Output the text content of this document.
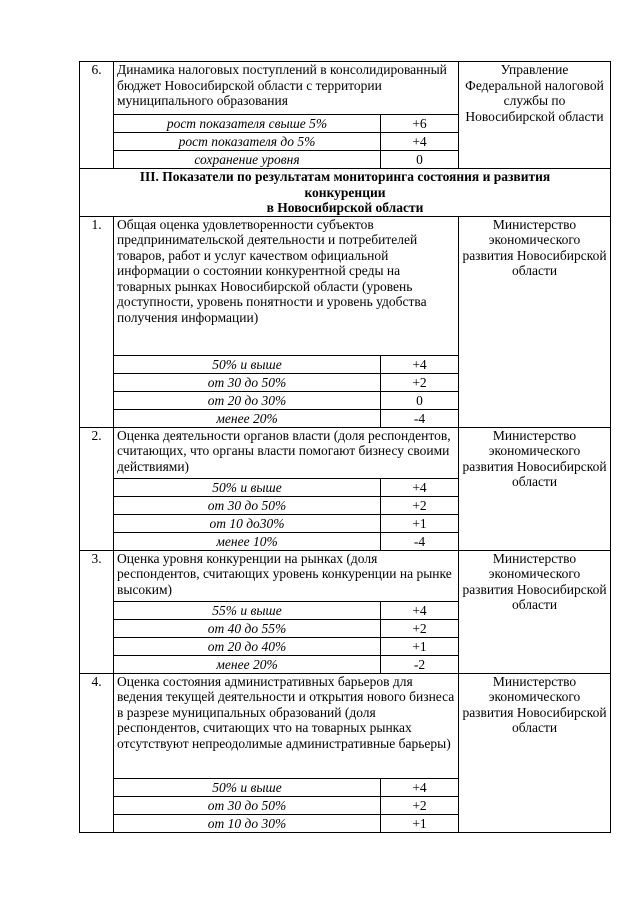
6.	Динамика налоговых поступлений в консолидированный бюджет Новосибирской области с территории муниципального образования		Управление Федеральной налоговой службы по Новосибирской области
	рост показателя свыше 5%	+6	
	рост показателя до 5%	+4	
	сохранение уровня	0	

III. Показатели по результатам мониторинга состояния и развития
конкуренции
в Новосибирской области			

1.	Общая оценка удовлетворенности субъектов предпринимательской деятельности и потребителей товаров, работ и услуг качеством официальной информации о состоянии конкурентной среды на товарных рынках Новосибирской области (уровень доступности, уровень понятности и уровень удобства получения информации)		Министерство экономического развития Новосибирской области
	50% и выше	+4	
	от 30 до 50%	+2	
	от 20 до 30%	0	
	менее 20%	-4	
2.	Оценка деятельности органов власти (доля респондентов, считающих, что органы власти помогают бизнесу своими действиями)		Министерство экономического развития Новосибирской области
	50% и выше	+4	
	от 30 до 50%	+2	
	от 10 до30%	+1	
	менее 10%	-4	
3.	Оценка уровня конкуренции на рынках (доля респондентов, считающих уровень конкуренции на рынке высоким)		Министерство экономического развития Новосибирской области
	55% и выше	+4	
	от 40 до 55%	+2	
	от 20 до 40%	+1	
	менее 20%	-2	
4.	Оценка состояния административных барьеров для ведения текущей деятельности и открытия нового бизнеса в разрезе муниципальных образований (доля респондентов, считающих что на товарных рынках отсутствуют непреодолимые административные барьеры)		Министерство экономического развития Новосибирской области
	50% и выше	+4	
	от 30 до 50%	+2	
	от 10 до 30%	+1	
